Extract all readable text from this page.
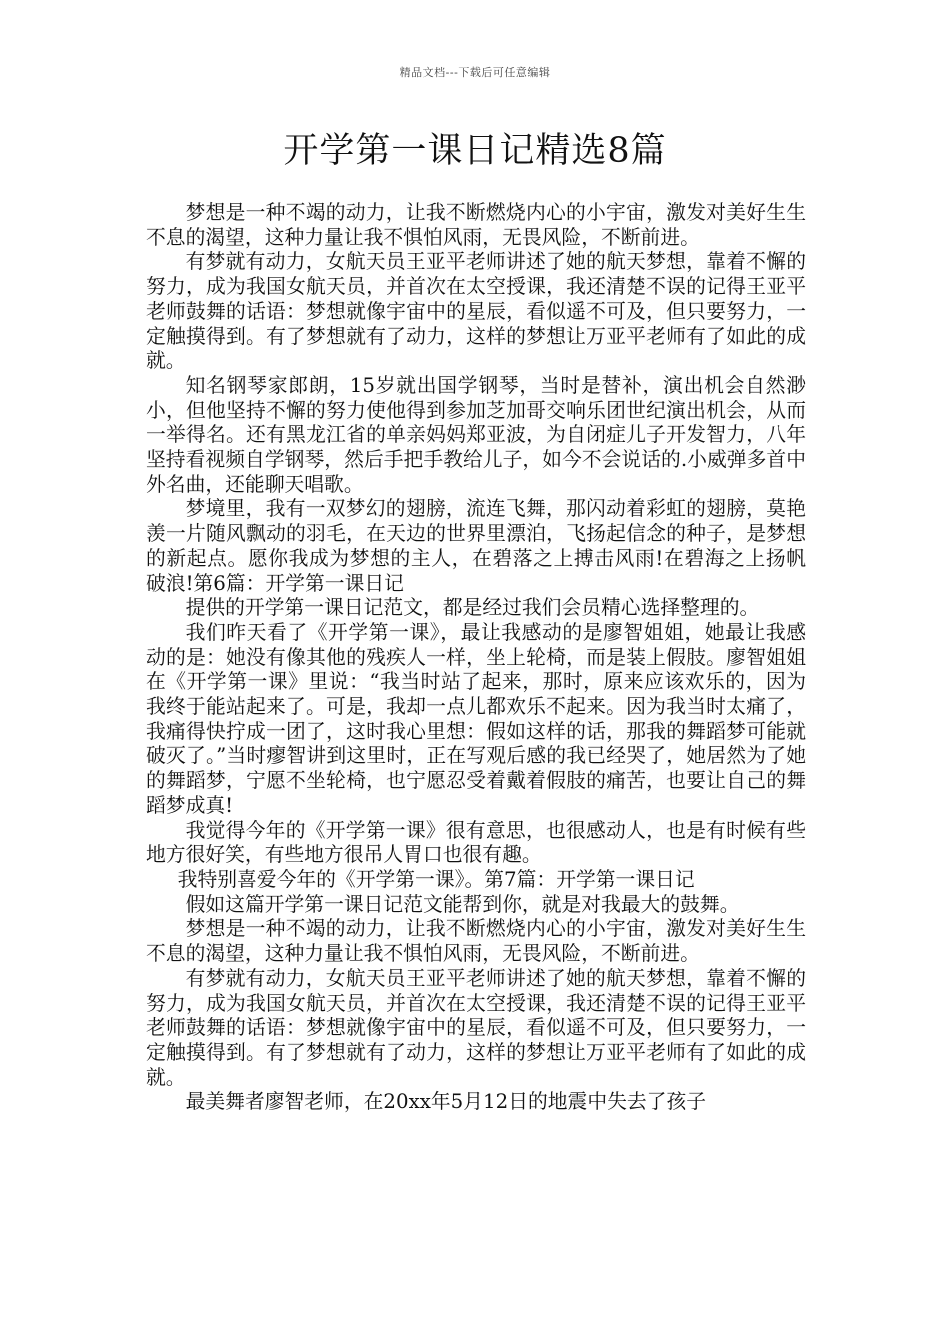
精品文档---下载后可任意编辑
开学第一课日记精选8篇

梦想是一种不竭的动力，让我不断燃烧内心的小宇宙，激发对美好生生不息的渴望，这种力量让我不惧怕风雨，无畏风险，不断前进。

有梦就有动力，女航天员王亚平老师讲述了她的航天梦想，靠着不懈的努力，成为我国女航天员，并首次在太空授课，我还清楚不误的记得王亚平老师鼓舞的话语：梦想就像宇宙中的星辰，看似遥不可及，但只要努力，一定触摸得到。有了梦想就有了动力，这样的梦想让万亚平老师有了如此的成就。

知名钢琴家郎朗，15岁就出国学钢琴，当时是替补，演出机会自然渺小，但他坚持不懈的努力使他得到参加芝加哥交响乐团世纪演出机会，从而一举得名。还有黑龙江省的单亲妈妈郑亚波，为自闭症儿子开发智力，八年坚持看视频自学钢琴，然后手把手教给儿子，如今不会说话的.小威弹多首中外名曲，还能聊天唱歌。

梦境里，我有一双梦幻的翅膀，流连飞舞，那闪动着彩虹的翅膀，莫艳羡一片随风飘动的羽毛，在天边的世界里漂泊，飞扬起信念的种子，是梦想的新起点。愿你我成为梦想的主人，在碧落之上搏击风雨!在碧海之上扬帆破浪!第6篇：开学第一课日记

提供的开学第一课日记范文，都是经过我们会员精心选择整理的。

我们昨天看了《开学第一课》，最让我感动的是廖智姐姐，她最让我感动的是：她没有像其他的残疾人一样，坐上轮椅，而是装上假肢。廖智姐姐在《开学第一课》里说：“我当时站了起来，那时，原来应该欢乐的，因为我终于能站起来了。可是，我却一点儿都欢乐不起来。因为我当时太痛了，我痛得快拧成一团了，这时我心里想：假如这样的话，那我的舞蹈梦可能就破灭了。”当时瘳智讲到这里时，正在写观后感的我已经哭了，她居然为了她的舞蹈梦，宁愿不坐轮椅，也宁愿忍受着戴着假肢的痛苦，也要让自己的舞蹈梦成真!

我觉得今年的《开学第一课》很有意思，也很感动人，也是有时候有些地方很好笑，有些地方很吊人胃口也很有趣。

我特别喜爱今年的《开学第一课》。第7篇：开学第一课日记

假如这篇开学第一课日记范文能帮到你，就是对我最大的鼓舞。

梦想是一种不竭的动力，让我不断燃烧内心的小宇宙，激发对美好生生不息的渴望，这种力量让我不惧怕风雨，无畏风险，不断前进。

有梦就有动力，女航天员王亚平老师讲述了她的航天梦想，靠着不懈的努力，成为我国女航天员，并首次在太空授课，我还清楚不误的记得王亚平老师鼓舞的话语：梦想就像宇宙中的星辰，看似遥不可及，但只要努力，一定触摸得到。有了梦想就有了动力，这样的梦想让万亚平老师有了如此的成就。

最美舞者廖智老师，在20xx年5月12日的地震中失去了孩子
